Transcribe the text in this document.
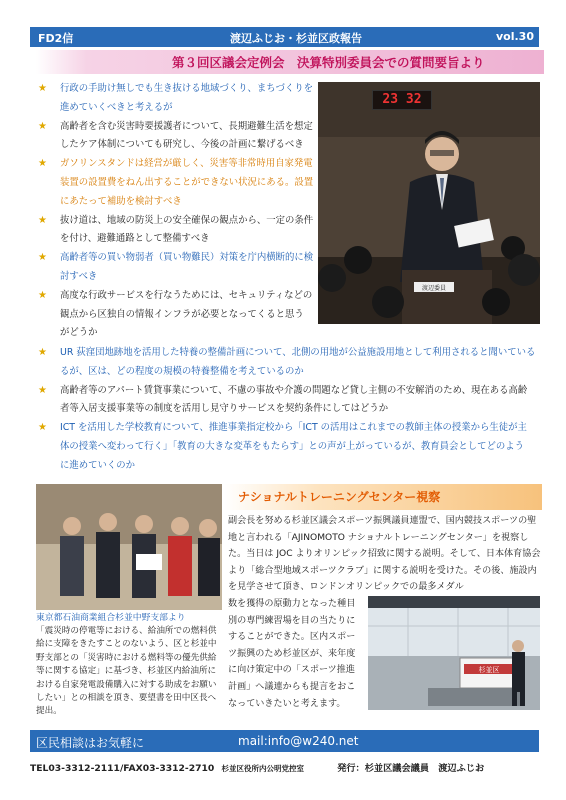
FD2信	渡辺ふじお・杉並区政報告	vol.30
第３回区議会定例会　決算特別委員会での質問要旨より
★ 行政の手助け無しでも生き抜ける地域づくり、まちづくりを
進めていくべきと考えるが
★ 高齢者を含む災害時要援護者について、長期避難生活を想定
したケア体制についても研究し、今後の計画に繋げるべき
★ ガソリンスタンドは経営が厳しく、災害等非常時用自家発電
装置の設置費をねん出することができない状況にある。設置
にあたって補助を検討すべき
★ 抜け道は、地域の防災上の安全確保の観点から、一定の条件
を付け、避難通路として整備すべき
★ 高齢者等の買い物弱者（買い物難民）対策を庁内横断的に検
討すべき
★ 高度な行政サービスを行なうためには、セキュリティなどの
観点から区独自の情報インフラが必要となってくると思う
がどうか
渡辺委員
23 32
★ UR 荻窪団地跡地を活用した特養の整備計画について、北側の用地が公益施設用地として利用されると聞いている
るが、区は、どの程度の規模の特養整備を考えているのか
★ 高齢者等のアパート賃貸事業について、不慮の事故や介護の問題など貸し主側の不安解消のため、現在ある高齢
者等入居支援事業等の制度を活用し見守りサービスを契約条件にしてはどうか
★ ICT を活用した学校教育について、推進事業指定校から「ICT の活用はこれまでの教師主体の授業から生徒が主
体の授業へ変わって行く」「教育の大きな変革をもたらす」との声が上がっているが、教育員会としてどのよう
に進めていくのか
東京都石油商業組合杉並中野支部より
「震災時の停電等における、給油所での燃料供給に支障をきたすことのないよう、区と杉並中野支部との「災害時における燃料等の優先供給等に関する協定」に基づき、杉並区内給油所における自家発電設備購入に対する助成をお願いしたい」との相談を頂き、要望書を田中区長へ提出。
ナショナルトレーニングセンター視察
副会長を努める杉並区議会スポーツ振興議員連盟で、国内競技スポーツの聖地と言われる「AJINOMOTO ナショナルトレーニングセンター」を視察した。当日は JOC よりオリンピック招致に関する説明。そして、日本体育協会より「総合型地域スポーツクラブ」に関する説明を受けた。その後、施設内を見学させて頂き、ロンドンオリンピックでの最多メダル
数を獲得の原動力となった種目別の専門練習場を目の当たりにすることができた。区内スポーツ振興のため杉並区が、来年度に向け策定中の「スポーツ推進計画」へ議連からも提言をおこなっていきたいと考えます。
杉並区
区民相談はお気軽に	mail:info@w240.net
TEL03-3312-2111/FAX03-3312-2710 杉並区役所内公明党控室	発行：杉並区議会議員　渡辺ふじお
